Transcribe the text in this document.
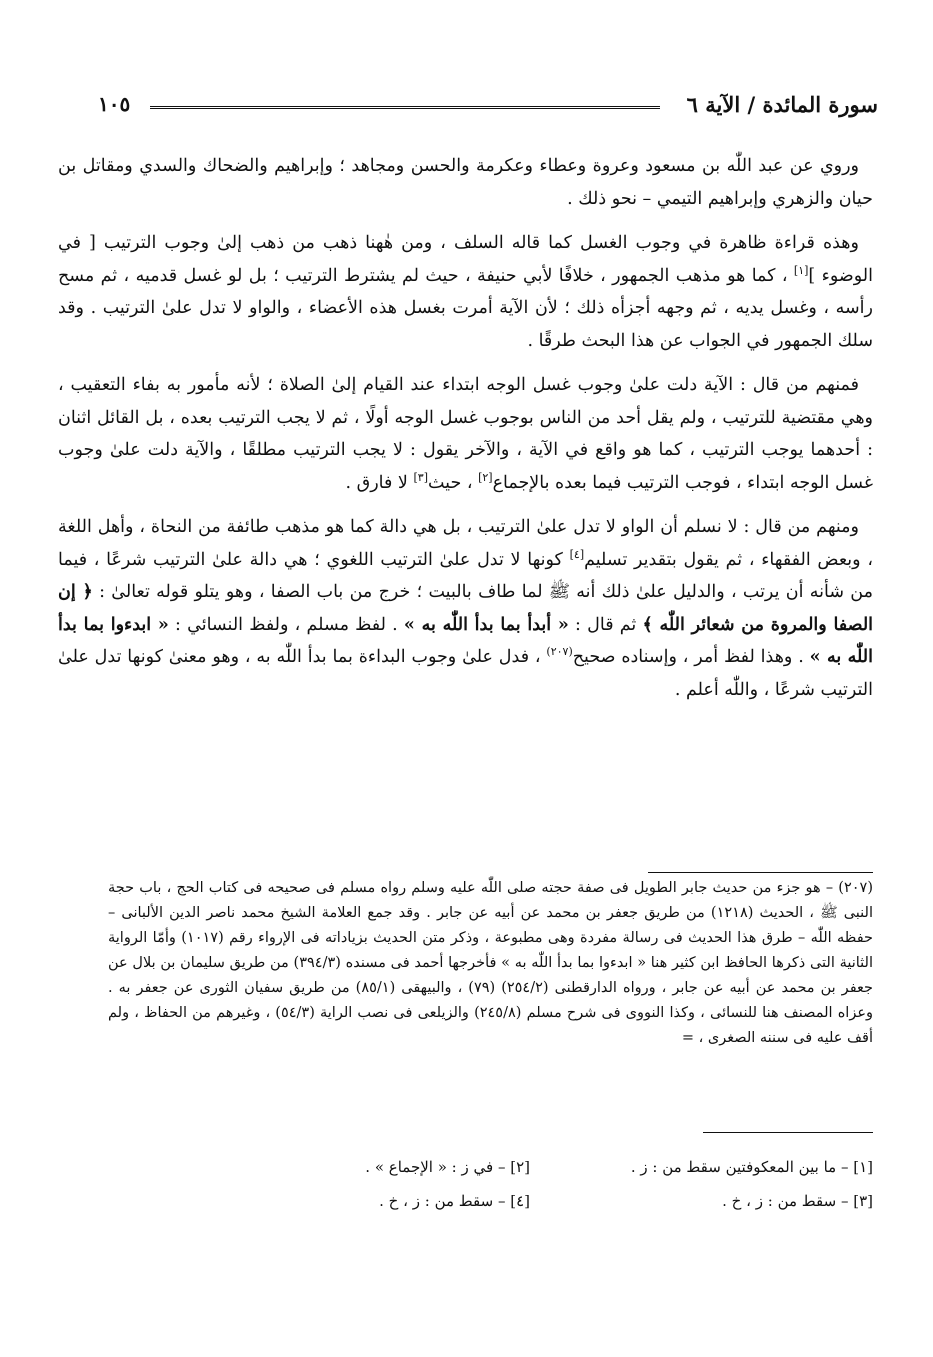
سورة المائدة / الآية ٦
١٠٥

وروي عن عبد اللّٰه بن مسعود وعروة وعطاء وعكرمة والحسن ومجاهد ؛ وإبراهيم والضحاك والسدي ومقاتل بن حيان والزهري وإبراهيم التيمي – نحو ذلك .

وهذه قراءة ظاهرة في وجوب الغسل كما قاله السلف ، ومن هٰهنا ذهب من ذهب إلىٰ وجوب الترتيب [ في الوضوء ][١] ، كما هو مذهب الجمهور ، خلافًا لأبي حنيفة ، حيث لم يشترط الترتيب ؛ بل لو غسل قدميه ، ثم مسح رأسه ، وغسل يديه ، ثم وجهه أجزأه ذلك ؛ لأن الآية أمرت بغسل هذه الأعضاء ، والواو لا تدل علىٰ الترتيب . وقد سلك الجمهور في الجواب عن هذا البحث طرقًا .

فمنهم من قال : الآية دلت علىٰ وجوب غسل الوجه ابتداء عند القيام إلىٰ الصلاة ؛ لأنه مأمور به بفاء التعقيب ، وهي مقتضية للترتيب ، ولم يقل أحد من الناس بوجوب غسل الوجه أولًا ، ثم لا يجب الترتيب بعده ، بل القائل اثنان : أحدهما يوجب الترتيب ، كما هو واقع في الآية ، والآخر يقول : لا يجب الترتيب مطلقًا ، والآية دلت علىٰ وجوب غسل الوجه ابتداء ، فوجب الترتيب فيما بعده بالإجماع[٢] ، حيث[٣] لا فارق .

ومنهم من قال : لا نسلم أن الواو لا تدل علىٰ الترتيب ، بل هي دالة كما هو مذهب طائفة من النحاة ، وأهل اللغة ، وبعض الفقهاء ، ثم يقول بتقدير تسليم[٤] كونها لا تدل علىٰ الترتيب اللغوي ؛ هي دالة علىٰ الترتيب شرعًا ، فيما من شأنه أن يرتب ، والدليل علىٰ ذلك أنه ﷺ لما طاف بالبيت ؛ خرج من باب الصفا ، وهو يتلو قوله تعالىٰ : ﴿ إن الصفا والمروة من شعائر اللّٰه ﴾ ثم قال : « أبدأ بما بدأ اللّٰه به » . لفظ مسلم ، ولفظ النسائي : « ابدءوا بما بدأ اللّٰه به » . وهذا لفظ أمر ، وإسناده صحيح$^{(٢٠٧)}$ ، فدل علىٰ وجوب البداءة بما بدأ اللّٰه به ، وهو معنىٰ كونها تدل علىٰ الترتيب شرعًا ، واللّٰه أعلم .

(٢٠٧) – هو جزء من حديث جابر الطويل فى صفة حجته صلى اللّٰه عليه وسلم رواه مسلم فى صحيحه فى كتاب الحج ، باب حجة النبى ﷺ ، الحديث (١٢١٨) من طريق جعفر بن محمد عن أبيه عن جابر . وقد جمع العلامة الشيخ محمد ناصر الدين الألبانى – حفظه اللّٰه – طرق هذا الحديث فى رسالة مفردة وهى مطبوعة ، وذكر متن الحديث بزياداته فى الإرواء رقم (١٠١٧) وأمّا الرواية الثانية التى ذكرها الحافظ ابن كثير هنا « ابدءوا بما بدأ اللّٰه به » فأخرجها أحمد فى مسنده (٣٩٤/٣) من طريق سليمان بن بلال عن جعفر بن محمد عن أبيه عن جابر ، ورواه الدارقطنى (٢٥٤/٢) (٧٩) ، والبيهقى (٨٥/١) من طريق سفيان الثورى عن جعفر به . وعزاه المصنف هنا للنسائى ، وكذا النووى فى شرح مسلم (٢٤٥/٨) والزيلعى فى نصب الراية (٥٤/٣) ، وغيرهم من الحفاظ ، ولم أقف عليه فى سننه الصغرى ، =

[١] – ما بين المعكوفتين سقط من : ز .
[٢] – في ز : « الإجماع » .
[٣] – سقط من : ز ، خ .
[٤] – سقط من : ز ، خ .
